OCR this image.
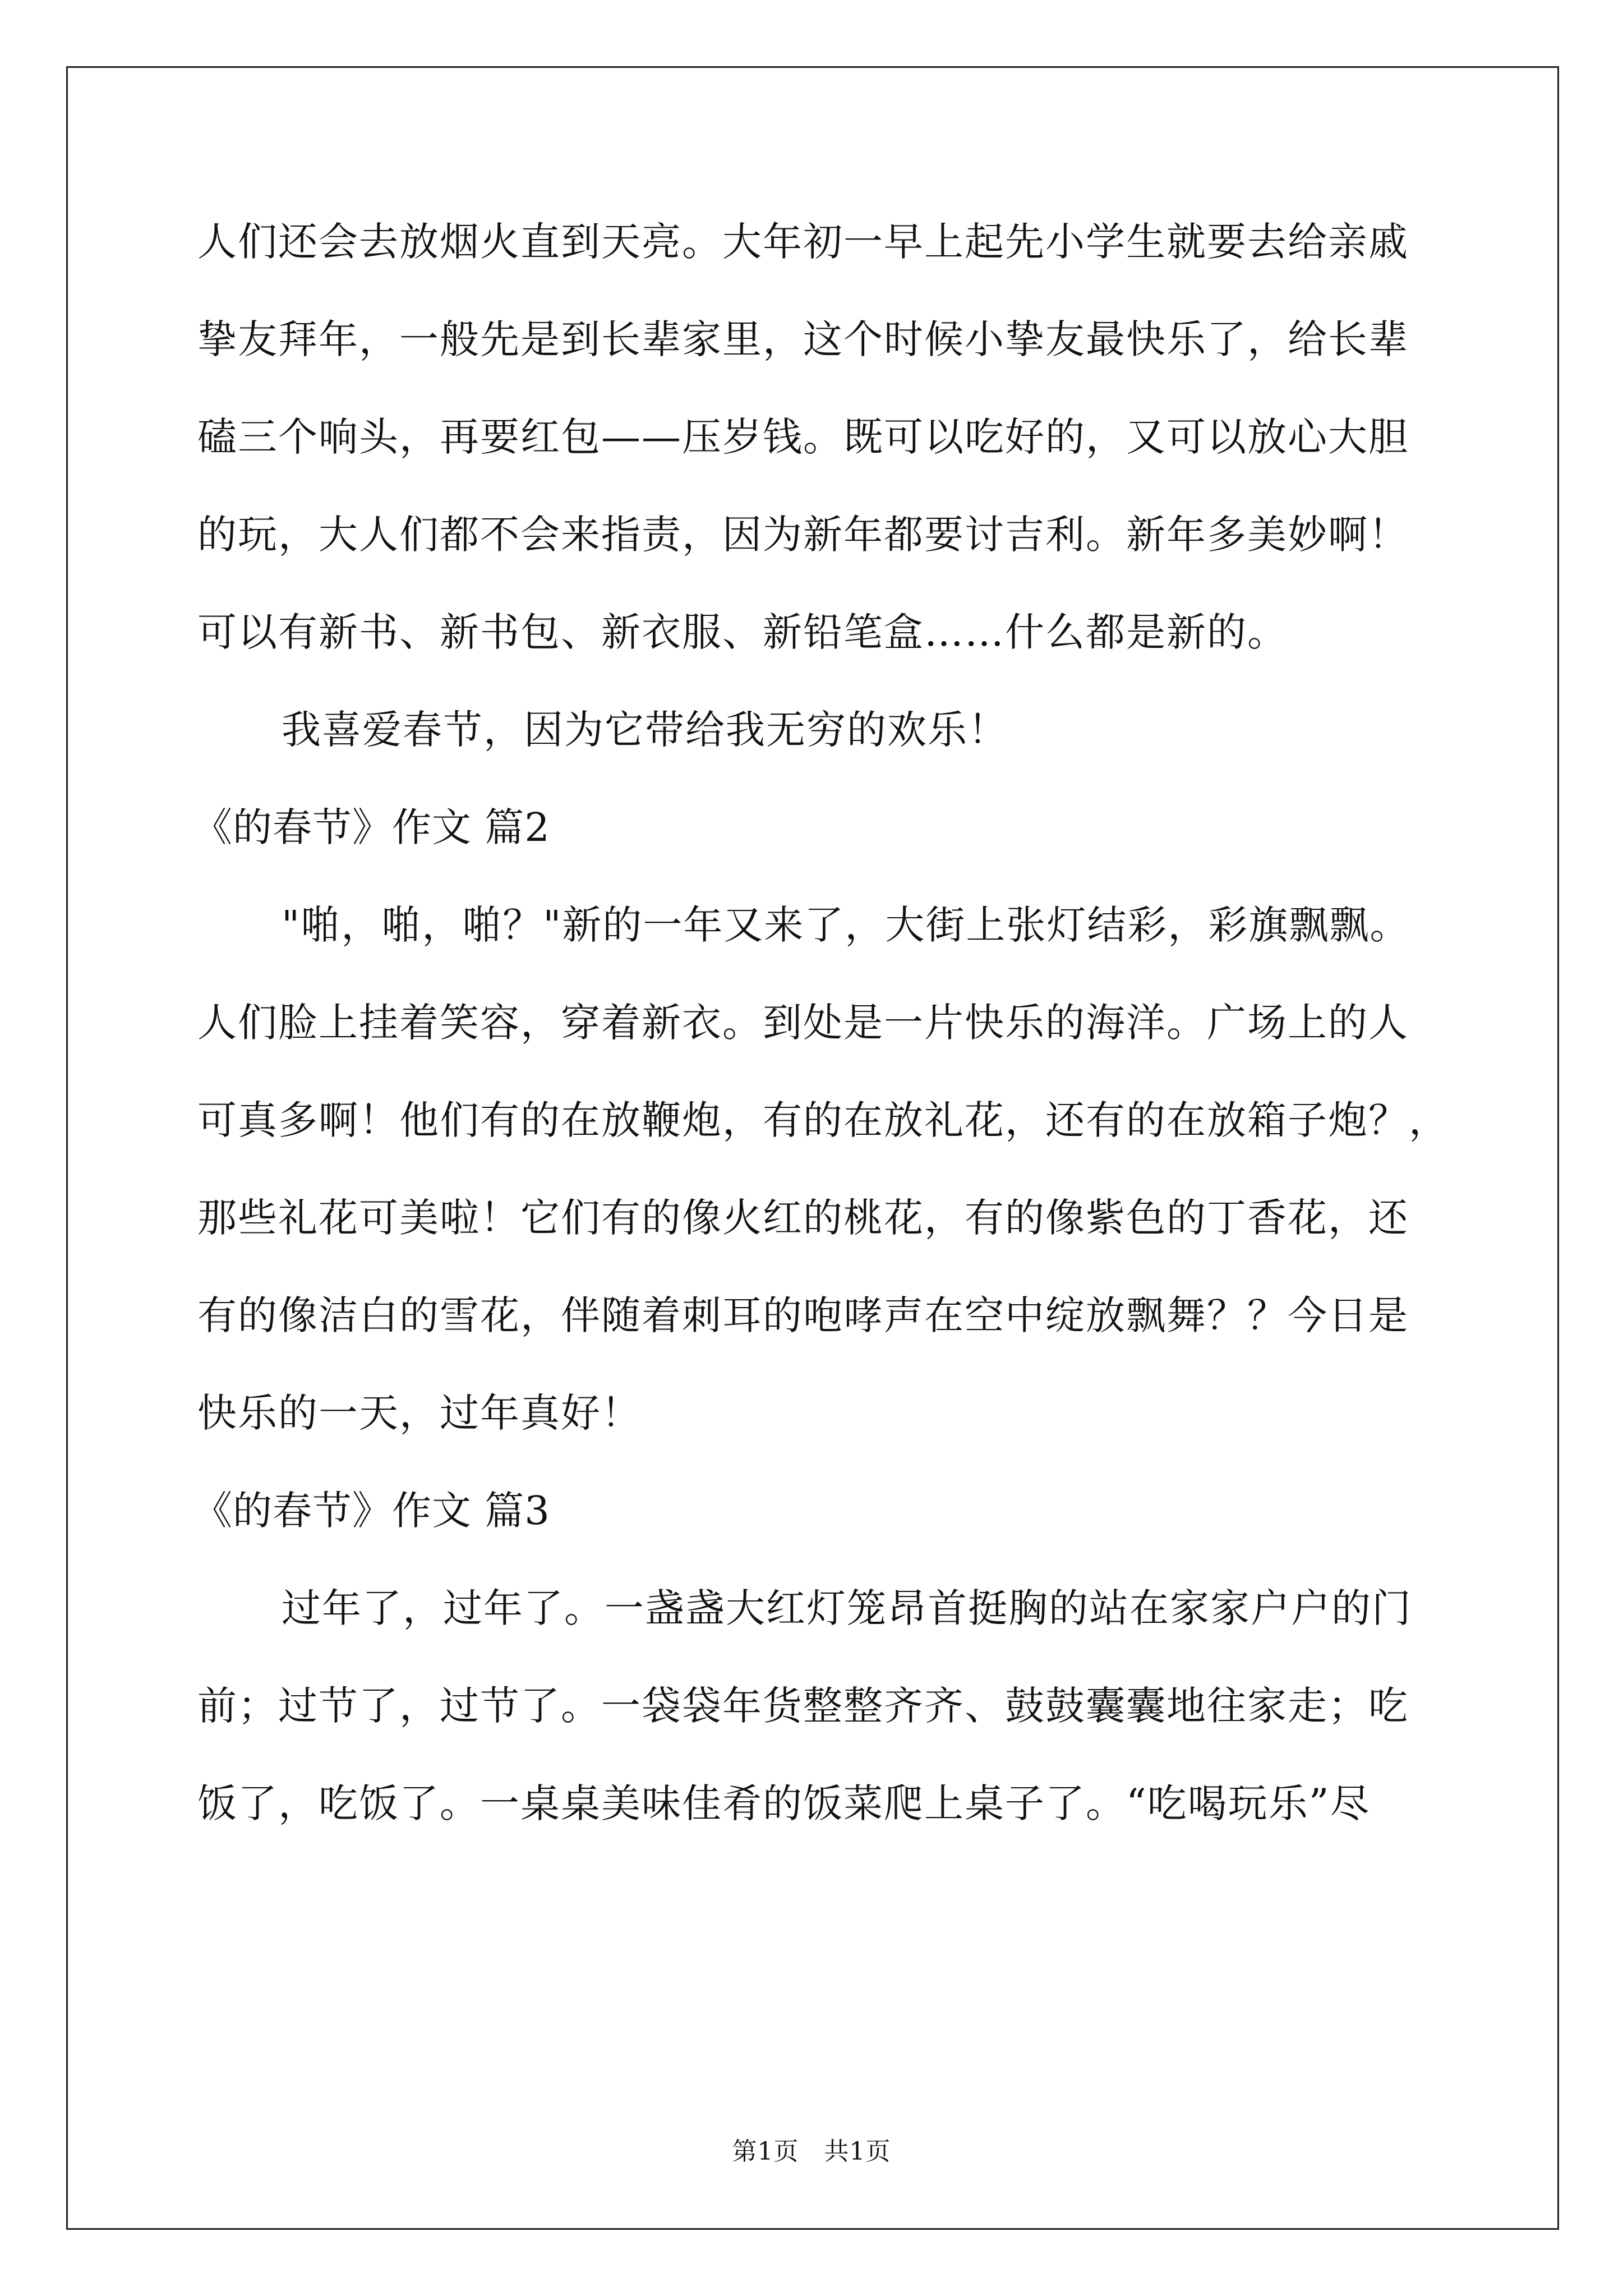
人们还会去放烟火直到天亮。大年初一早上起先小学生就要去给亲戚
挚友拜年，一般先是到长辈家里，这个时候小挚友最快乐了，给长辈
磕三个响头，再要红包——压岁钱。既可以吃好的，又可以放心大胆
的玩，大人们都不会来指责，因为新年都要讨吉利。新年多美妙啊！
可以有新书、新书包、新衣服、新铅笔盒……什么都是新的。
我喜爱春节，因为它带给我无穷的欢乐！
《的春节》作文 篇2
"啪，啪，啪？"新的一年又来了，大街上张灯结彩，彩旗飘飘。
人们脸上挂着笑容，穿着新衣。到处是一片快乐的海洋。广场上的人
可真多啊！他们有的在放鞭炮，有的在放礼花，还有的在放箱子炮？，
那些礼花可美啦！它们有的像火红的桃花，有的像紫色的丁香花，还
有的像洁白的雪花，伴随着刺耳的咆哮声在空中绽放飘舞？？今日是
快乐的一天，过年真好！
《的春节》作文 篇3
过年了，过年了。一盏盏大红灯笼昂首挺胸的站在家家户户的门
前；过节了，过节了。一袋袋年货整整齐齐、鼓鼓囊囊地往家走；吃
饭了，吃饭了。一桌桌美味佳肴的饭菜爬上桌子了。“吃喝玩乐”尽
第1页   共1页
